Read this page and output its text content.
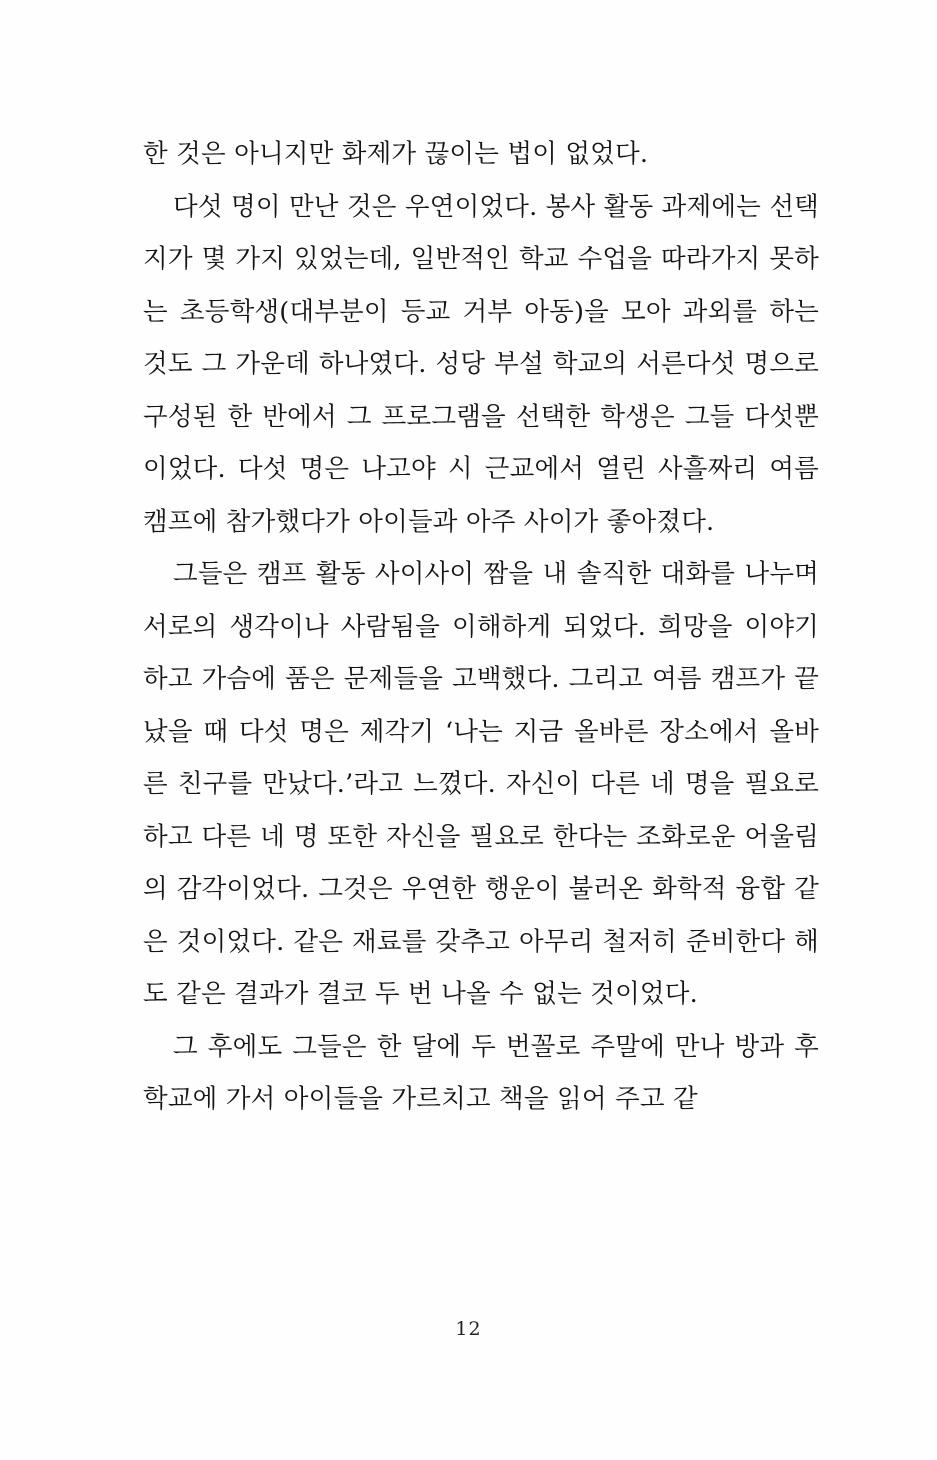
한 것은 아니지만 화제가 끊이는 법이 없었다.

다섯 명이 만난 것은 우연이었다. 봉사 활동 과제에는 선택지가 몇 가지 있었는데, 일반적인 학교 수업을 따라가지 못하는 초등학생(대부분이 등교 거부 아동)을 모아 과외를 하는 것도 그 가운데 하나였다. 성당 부설 학교의 서른다섯 명으로 구성된 한 반에서 그 프로그램을 선택한 학생은 그들 다섯뿐이었다. 다섯 명은 나고야 시 근교에서 열린 사흘짜리 여름 캠프에 참가했다가 아이들과 아주 사이가 좋아졌다.

그들은 캠프 활동 사이사이 짬을 내 솔직한 대화를 나누며 서로의 생각이나 사람됨을 이해하게 되었다. 희망을 이야기하고 가슴에 품은 문제들을 고백했다. 그리고 여름 캠프가 끝났을 때 다섯 명은 제각기 ‘나는 지금 올바른 장소에서 올바른 친구를 만났다.’라고 느꼈다. 자신이 다른 네 명을 필요로 하고 다른 네 명 또한 자신을 필요로 한다는 조화로운 어울림의 감각이었다. 그것은 우연한 행운이 불러온 화학적 융합 같은 것이었다. 같은 재료를 갖추고 아무리 철저히 준비한다 해도 같은 결과가 결코 두 번 나올 수 없는 것이었다.

그 후에도 그들은 한 달에 두 번꼴로 주말에 만나 방과 후 학교에 가서 아이들을 가르치고 책을 읽어 주고 같

12
